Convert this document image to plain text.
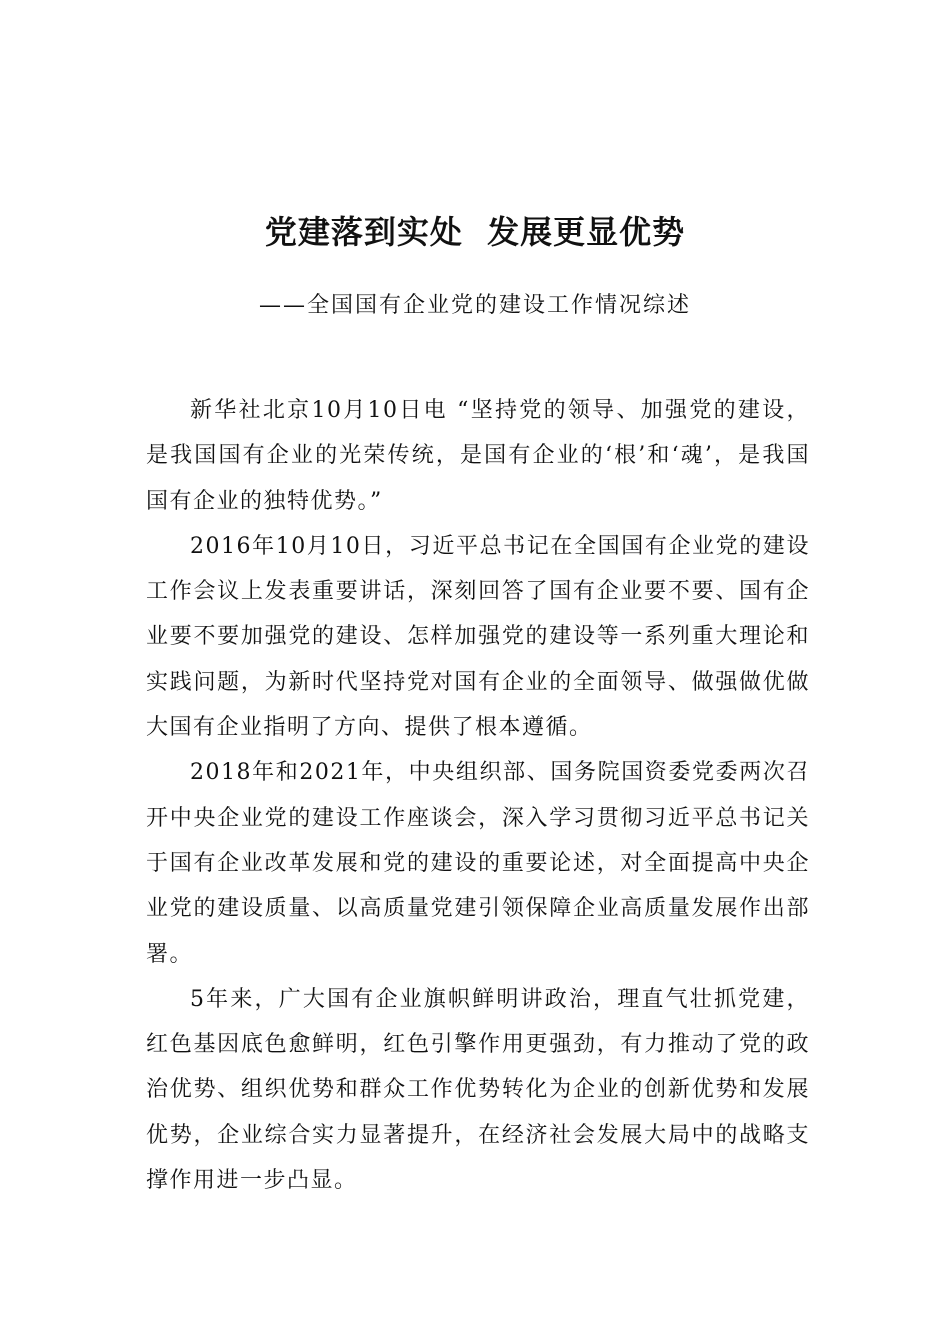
党建落到实处  发展更显优势
——全国国有企业党的建设工作情况综述

新华社北京10月10日电 “坚持党的领导、加强党的建设，是我国国有企业的光荣传统，是国有企业的‘根’和‘魂’，是我国国有企业的独特优势。”

2016年10月10日，习近平总书记在全国国有企业党的建设工作会议上发表重要讲话，深刻回答了国有企业要不要、国有企业要不要加强党的建设、怎样加强党的建设等一系列重大理论和实践问题，为新时代坚持党对国有企业的全面领导、做强做优做大国有企业指明了方向、提供了根本遵循。

2018年和2021年，中央组织部、国务院国资委党委两次召开中央企业党的建设工作座谈会，深入学习贯彻习近平总书记关于国有企业改革发展和党的建设的重要论述，对全面提高中央企业党的建设质量、以高质量党建引领保障企业高质量发展作出部署。

5年来，广大国有企业旗帜鲜明讲政治，理直气壮抓党建，红色基因底色愈鲜明，红色引擎作用更强劲，有力推动了党的政治优势、组织优势和群众工作优势转化为企业的创新优势和发展优势，企业综合实力显著提升，在经济社会发展大局中的战略支撑作用进一步凸显。
